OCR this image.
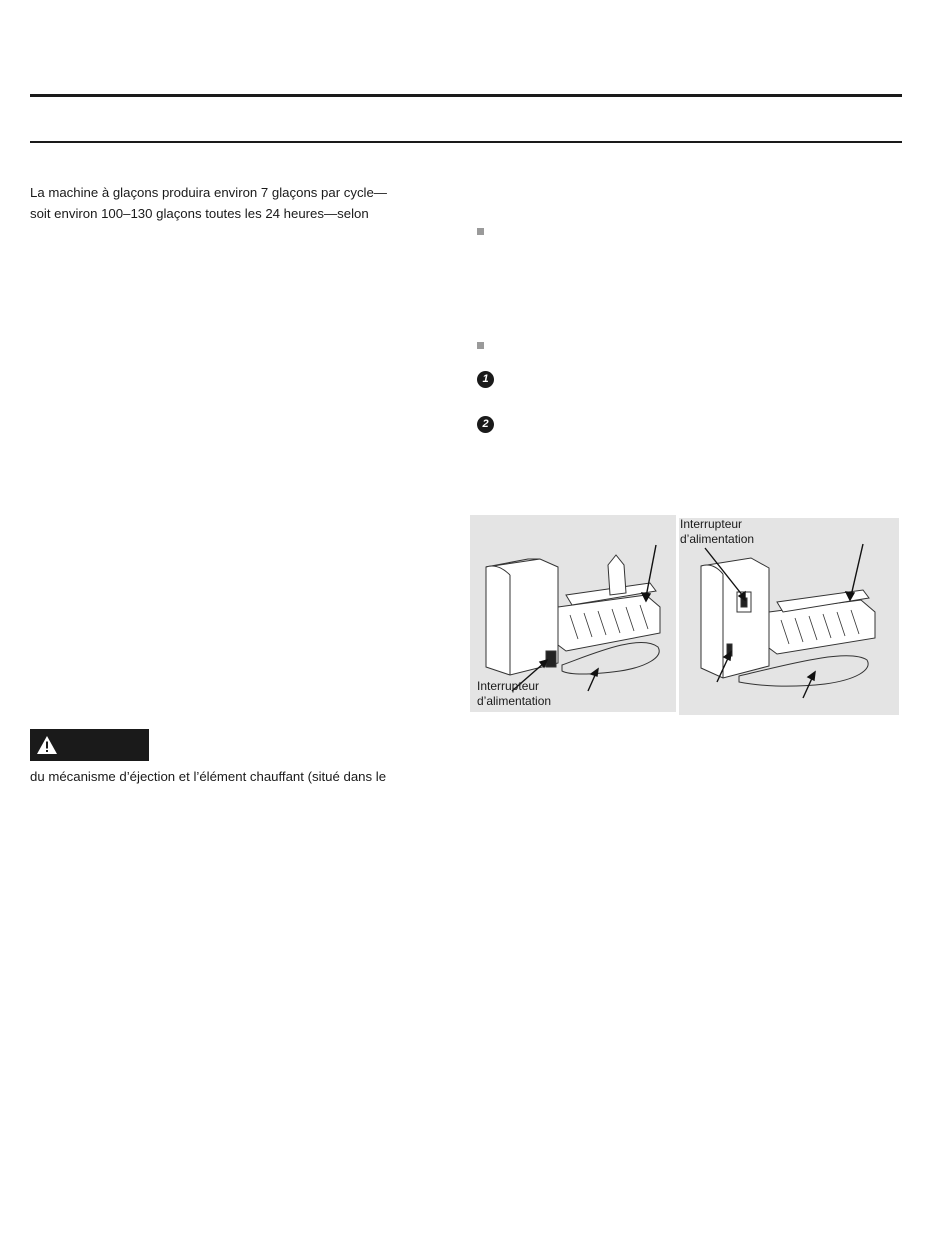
La machine à glaçons produira environ 7 glaçons par cycle—
soit environ 100–130 glaçons toutes les 24 heures—selon

1
2
Interrupteur
d’alimentation
Interrupteur
d’alimentation

du mécanisme d’éjection et l’élément chauffant (situé dans le
